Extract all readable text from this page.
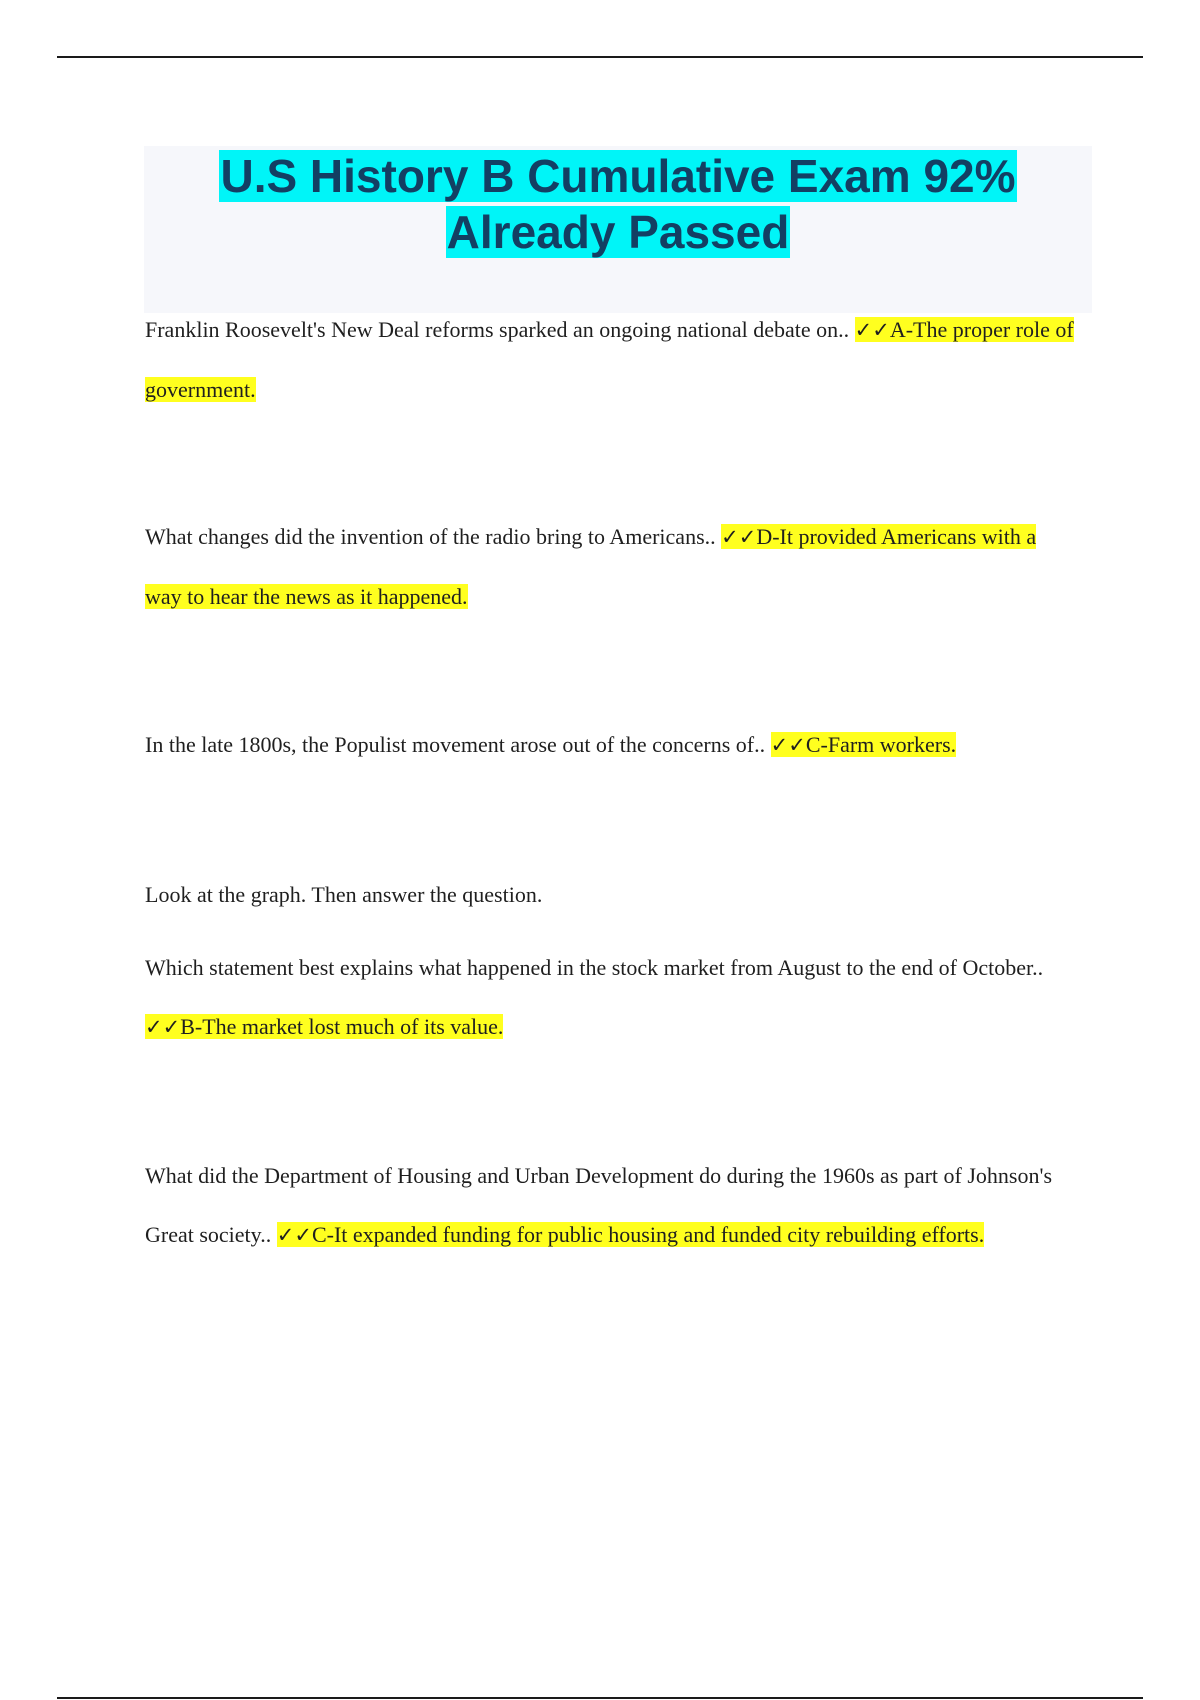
U.S History B Cumulative Exam 92%
Already Passed

Franklin Roosevelt's New Deal reforms sparked an ongoing national debate on.. ✓✓A-The proper role of government.

What changes did the invention of the radio bring to Americans.. ✓✓D-It provided Americans with a way to hear the news as it happened.

In the late 1800s, the Populist movement arose out of the concerns of.. ✓✓C-Farm workers.

Look at the graph. Then answer the question.

Which statement best explains what happened in the stock market from August to the end of October.. ✓✓B-The market lost much of its value.

What did the Department of Housing and Urban Development do during the 1960s as part of Johnson's Great society.. ✓✓C-It expanded funding for public housing and funded city rebuilding efforts.
